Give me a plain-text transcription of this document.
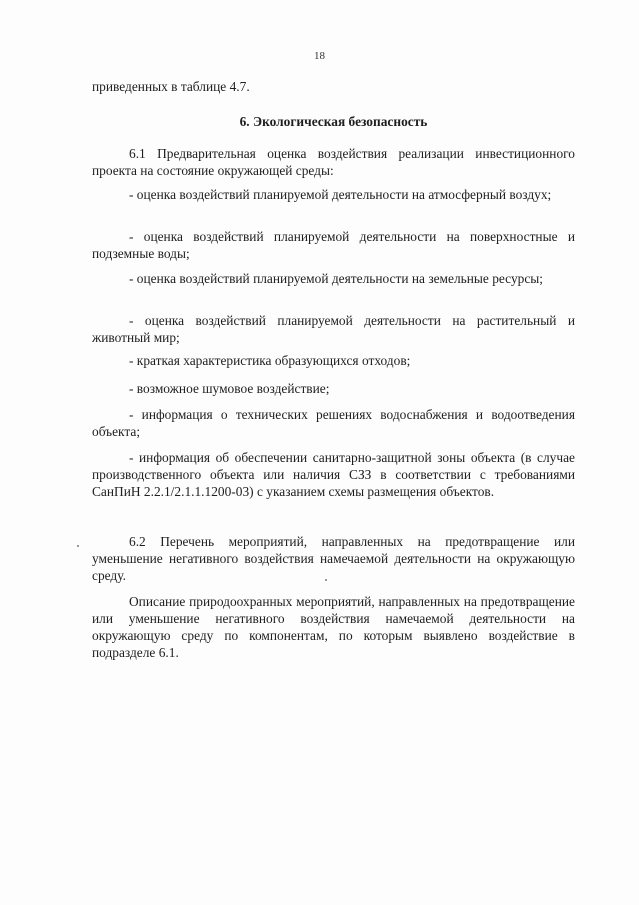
18

приведенных в таблице 4.7.

6. Экологическая безопасность

6.1 Предварительная оценка воздействия реализации инвестиционного проекта на состояние окружающей среды:

- оценка воздействий планируемой деятельности на атмосферный воздух;

- оценка воздействий планируемой деятельности на поверхностные и подземные воды;

- оценка воздействий планируемой деятельности на земельные ресурсы;

- оценка воздействий планируемой деятельности на растительный и животный мир;

- краткая характеристика образующихся отходов;

- возможное шумовое воздействие;

- информация о технических решениях водоснабжения и водоотведения объекта;

- информация об обеспечении санитарно-защитной зоны объекта (в случае производственного объекта или наличия СЗЗ в соответствии с требованиями СанПиН 2.2.1/2.1.1.1200-03) с указанием схемы размещения объектов.

6.2 Перечень мероприятий, направленных на предотвращение или уменьшение негативного воздействия намечаемой деятельности на окружающую среду.

Описание природоохранных мероприятий, направленных на предотвращение или уменьшение негативного воздействия намечаемой деятельности на окружающую среду по компонентам, по которым выявлено воздействие в подразделе 6.1.
